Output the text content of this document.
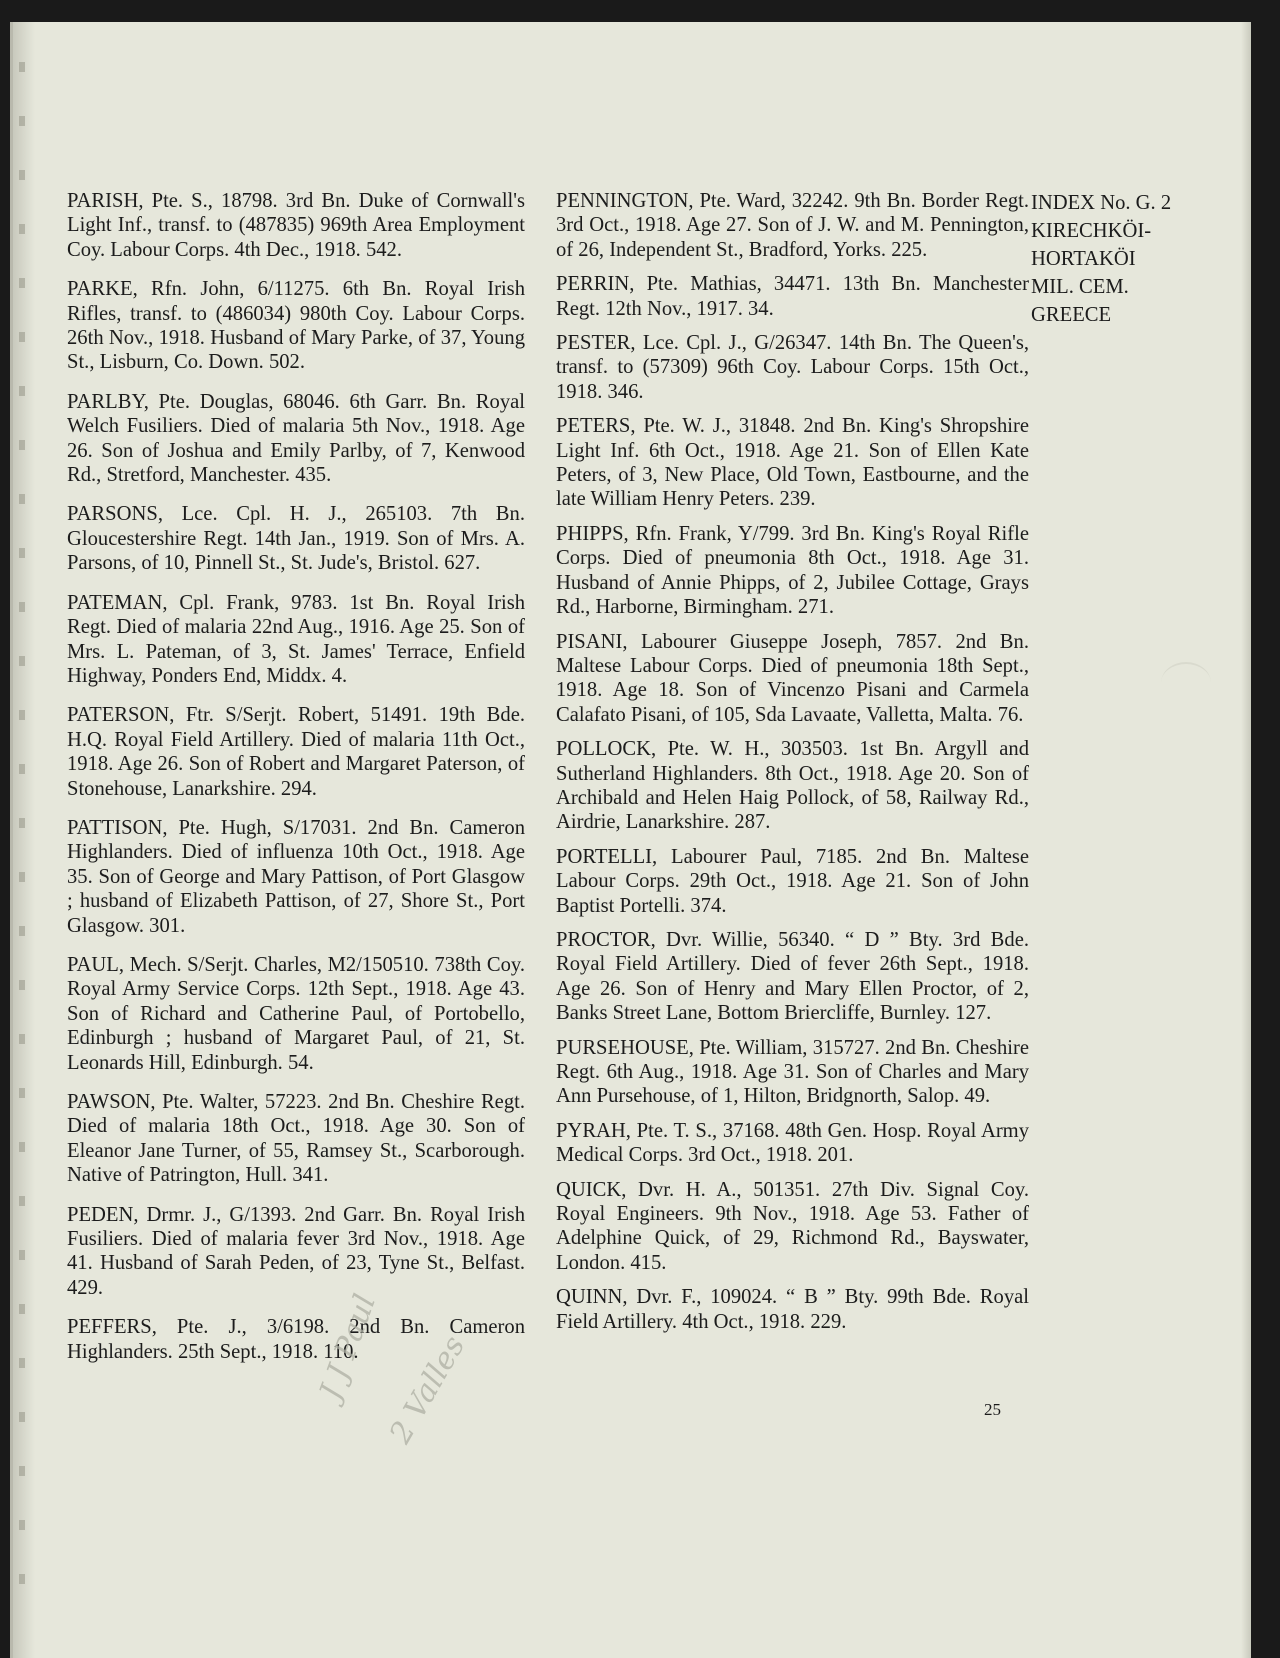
PARISH, Pte. S., 18798. 3rd Bn. Duke of Cornwall's Light Inf., transf. to (487835) 969th Area Employment Coy. Labour Corps. 4th Dec., 1918. 542.

PARKE, Rfn. John, 6/11275. 6th Bn. Royal Irish Rifles, transf. to (486034) 980th Coy. Labour Corps. 26th Nov., 1918. Husband of Mary Parke, of 37, Young St., Lisburn, Co. Down. 502.

PARLBY, Pte. Douglas, 68046. 6th Garr. Bn. Royal Welch Fusiliers. Died of malaria 5th Nov., 1918. Age 26. Son of Joshua and Emily Parlby, of 7, Kenwood Rd., Stretford, Manchester. 435.

PARSONS, Lce. Cpl. H. J., 265103. 7th Bn. Gloucestershire Regt. 14th Jan., 1919. Son of Mrs. A. Parsons, of 10, Pinnell St., St. Jude's, Bristol. 627.

PATEMAN, Cpl. Frank, 9783. 1st Bn. Royal Irish Regt. Died of malaria 22nd Aug., 1916. Age 25. Son of Mrs. L. Pateman, of 3, St. James' Terrace, Enfield Highway, Ponders End, Middx. 4.

PATERSON, Ftr. S/Serjt. Robert, 51491. 19th Bde. H.Q. Royal Field Artillery. Died of malaria 11th Oct., 1918. Age 26. Son of Robert and Margaret Paterson, of Stonehouse, Lanarkshire. 294.

PATTISON, Pte. Hugh, S/17031. 2nd Bn. Cameron Highlanders. Died of influenza 10th Oct., 1918. Age 35. Son of George and Mary Pattison, of Port Glasgow ; husband of Elizabeth Pattison, of 27, Shore St., Port Glasgow. 301.

PAUL, Mech. S/Serjt. Charles, M2/150510. 738th Coy. Royal Army Service Corps. 12th Sept., 1918. Age 43. Son of Richard and Catherine Paul, of Portobello, Edinburgh ; husband of Margaret Paul, of 21, St. Leonards Hill, Edinburgh. 54.

PAWSON, Pte. Walter, 57223. 2nd Bn. Cheshire Regt. Died of malaria 18th Oct., 1918. Age 30. Son of Eleanor Jane Turner, of 55, Ramsey St., Scarborough. Native of Patrington, Hull. 341.

PEDEN, Drmr. J., G/1393. 2nd Garr. Bn. Royal Irish Fusiliers. Died of malaria fever 3rd Nov., 1918. Age 41. Husband of Sarah Peden, of 23, Tyne St., Belfast. 429.

PEFFERS, Pte. J., 3/6198. 2nd Bn. Cameron Highlanders. 25th Sept., 1918. 110.

PENNINGTON, Pte. Ward, 32242. 9th Bn. Border Regt. 3rd Oct., 1918. Age 27. Son of J. W. and M. Pennington, of 26, Independent St., Bradford, Yorks. 225.

PERRIN, Pte. Mathias, 34471. 13th Bn. Manchester Regt. 12th Nov., 1917. 34.

PESTER, Lce. Cpl. J., G/26347. 14th Bn. The Queen's, transf. to (57309) 96th Coy. Labour Corps. 15th Oct., 1918. 346.

PETERS, Pte. W. J., 31848. 2nd Bn. King's Shropshire Light Inf. 6th Oct., 1918. Age 21. Son of Ellen Kate Peters, of 3, New Place, Old Town, Eastbourne, and the late William Henry Peters. 239.

PHIPPS, Rfn. Frank, Y/799. 3rd Bn. King's Royal Rifle Corps. Died of pneumonia 8th Oct., 1918. Age 31. Husband of Annie Phipps, of 2, Jubilee Cottage, Grays Rd., Harborne, Birmingham. 271.

PISANI, Labourer Giuseppe Joseph, 7857. 2nd Bn. Maltese Labour Corps. Died of pneumonia 18th Sept., 1918. Age 18. Son of Vincenzo Pisani and Carmela Calafato Pisani, of 105, Sda Lavaate, Valletta, Malta. 76.

POLLOCK, Pte. W. H., 303503. 1st Bn. Argyll and Sutherland Highlanders. 8th Oct., 1918. Age 20. Son of Archibald and Helen Haig Pollock, of 58, Railway Rd., Airdrie, Lanarkshire. 287.

PORTELLI, Labourer Paul, 7185. 2nd Bn. Maltese Labour Corps. 29th Oct., 1918. Age 21. Son of John Baptist Portelli. 374.

PROCTOR, Dvr. Willie, 56340. “ D ” Bty. 3rd Bde. Royal Field Artillery. Died of fever 26th Sept., 1918. Age 26. Son of Henry and Mary Ellen Proctor, of 2, Banks Street Lane, Bottom Briercliffe, Burnley. 127.

PURSEHOUSE, Pte. William, 315727. 2nd Bn. Cheshire Regt. 6th Aug., 1918. Age 31. Son of Charles and Mary Ann Pursehouse, of 1, Hilton, Bridgnorth, Salop. 49.

PYRAH, Pte. T. S., 37168. 48th Gen. Hosp. Royal Army Medical Corps. 3rd Oct., 1918. 201.

QUICK, Dvr. H. A., 501351. 27th Div. Signal Coy. Royal Engineers. 9th Nov., 1918. Age 53. Father of Adelphine Quick, of 29, Richmond Rd., Bayswater, London. 415.

QUINN, Dvr. F., 109024. “ B ” Bty. 99th Bde. Royal Field Artillery. 4th Oct., 1918. 229.

INDEX No. G. 2
KIRECHKÖI-
HORTAKÖI
MIL. CEM.
GREECE
25
J J Paul 2 Valles
